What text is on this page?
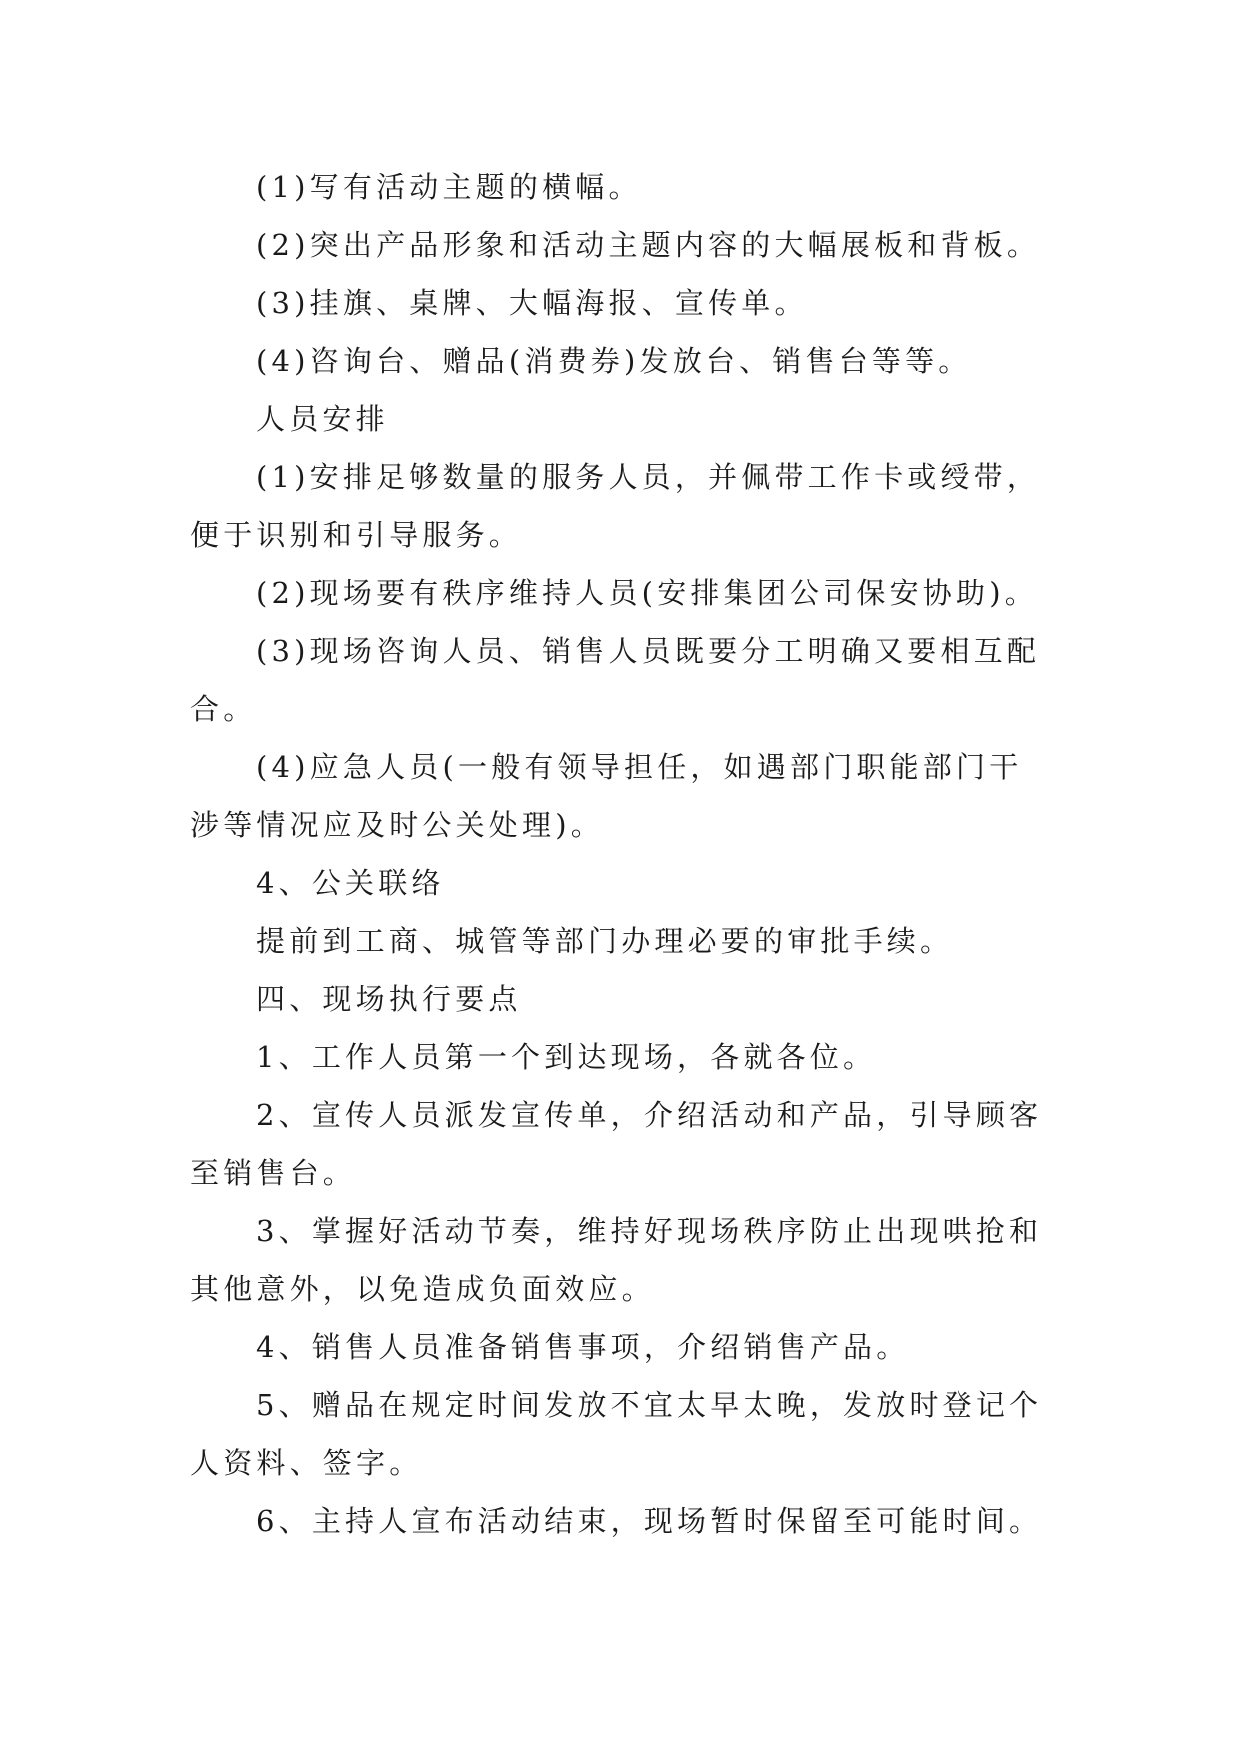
(1)写有活动主题的横幅。

(2)突出产品形象和活动主题内容的大幅展板和背板。

(3)挂旗、桌牌、大幅海报、宣传单。

(4)咨询台、赠品(消费券)发放台、销售台等等。

人员安排

(1)安排足够数量的服务人员，并佩带工作卡或绶带，便于识别和引导服务。

(2)现场要有秩序维持人员(安排集团公司保安协助)。

(3)现场咨询人员、销售人员既要分工明确又要相互配合。

(4)应急人员(一般有领导担任，如遇部门职能部门干涉等情况应及时公关处理)。

4、公关联络

提前到工商、城管等部门办理必要的审批手续。

四、现场执行要点

1、工作人员第一个到达现场，各就各位。

2、宣传人员派发宣传单，介绍活动和产品，引导顾客至销售台。

3、掌握好活动节奏，维持好现场秩序防止出现哄抢和其他意外，以免造成负面效应。

4、销售人员准备销售事项，介绍销售产品。

5、赠品在规定时间发放不宜太早太晚，发放时登记个人资料、签字。

6、主持人宣布活动结束，现场暂时保留至可能时间。
